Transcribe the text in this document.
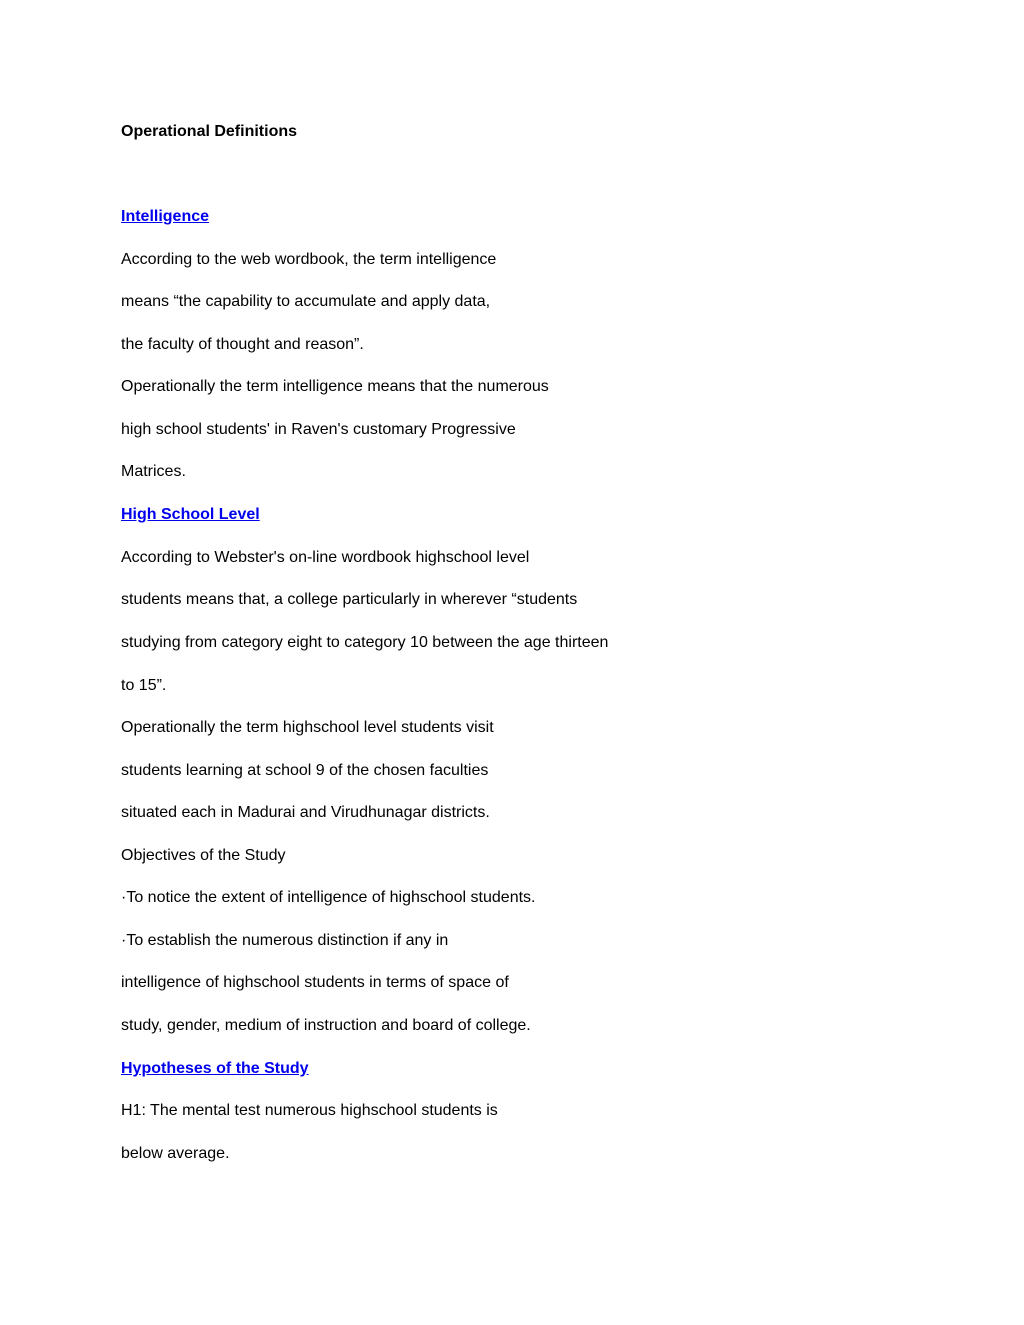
Operational Definitions
Intelligence
According to the web wordbook, the term intelligence
means “the capability to accumulate and apply data,
the faculty of thought and reason”.
Operationally the term intelligence means that the numerous
high school students' in Raven's customary Progressive
Matrices.
High School Level
According to Webster's on-line wordbook highschool level
students means that, a college particularly in wherever “students
studying from category eight to category 10 between the age thirteen
to 15”.
Operationally the term highschool level students visit
students learning at school 9 of the chosen faculties
situated each in Madurai and Virudhunagar districts.
Objectives of the Study
·To notice the extent of intelligence of highschool students.
·To establish the numerous distinction if any in
intelligence of highschool students in terms of space of
study, gender, medium of instruction and board of college.
Hypotheses of the Study
H1: The mental test numerous highschool students is
below average.
